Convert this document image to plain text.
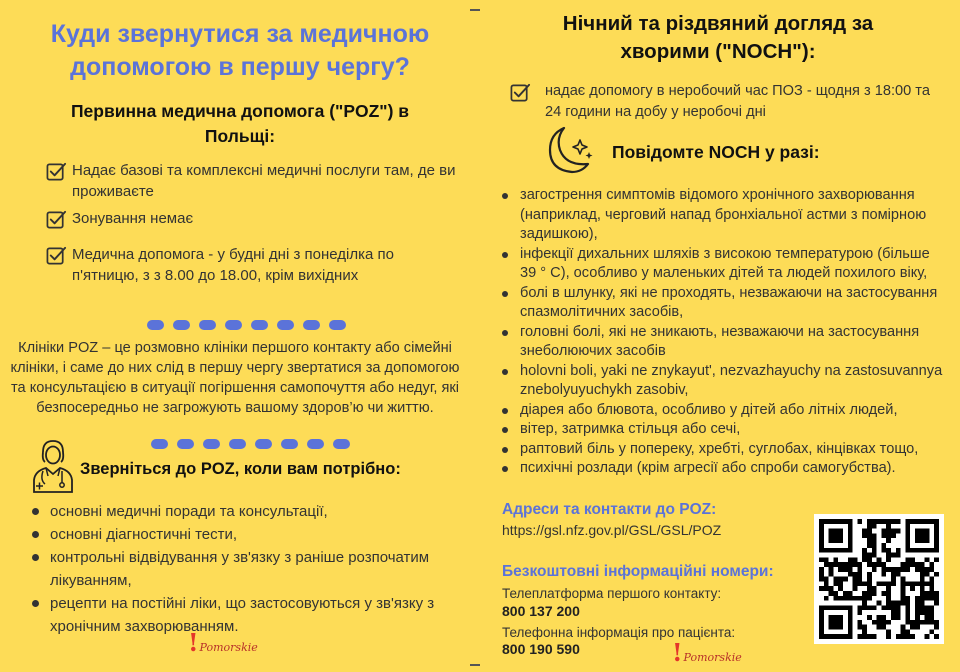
Куди звернутися за медичною допомогою в першу чергу?
Первинна медична допомога ("POZ") в Польщі:
Надає базові та комплексні медичні послуги там, де ви проживаєте
Зонування немає
Медична допомога - у будні дні з понеділка по п'ятницю, з з 8.00 до 18.00, крім вихідних
Клініки POZ – це розмовно клініки першого контакту або сімейні клініки, і саме до них слід в першу чергу звертатися за допомогою та консультацією в ситуації погіршення самопочуття або недуг, які безпосередньо не загрожують вашому здоров’ю чи життю.
Зверніться до POZ, коли вам потрібно:
основні медичні поради та консультації,
основні діагностичні тести,
контрольні відвідування у зв'язку з раніше розпочатим лікуванням,
рецепти на постійні ліки, що застосовуються у зв'язку з хронічним захворюванням.
! Pomorskie
Нічний та різдвяний догляд за хворими ("NOCH"):
надає допомогу в неробочий час ПОЗ - щодня з 18:00 та 24 години на добу у неробочі дні
Повідомте NOCH у разі:
загострення симптомів відомого хронічного захворювання (наприклад, черговий напад бронхіальної астми з помірною задишкою),
інфекції дихальних шляхів з високою температурою (більше 39 ° C), особливо у маленьких дітей та людей похилого віку,
болі в шлунку, які не проходять, незважаючи на застосування спазмолітичних засобів,
головні болі, які не зникають, незважаючи на застосування знеболюючих засобів
holovni boli, yaki ne znykayut', nezvazhayuchy na zastosuvannya znebolyuyuchykh zasobiv,
діарея або блювота, особливо у дітей або літніх людей,
вітер, затримка стільця або сечі,
раптовий біль у попереку, хребті, суглобах, кінцівках тощо,
психічні розлади (крім агресії або спроби самогубства).
Адреси та контакти до POZ:
https://gsl.nfz.gov.pl/GSL/GSL/POZ
Безкоштовні інформаційні номери:
Телеплатформа першого контакту:
800 137 200
Телефонна інформація про пацієнта:
800 190 590	! Pomorskie
